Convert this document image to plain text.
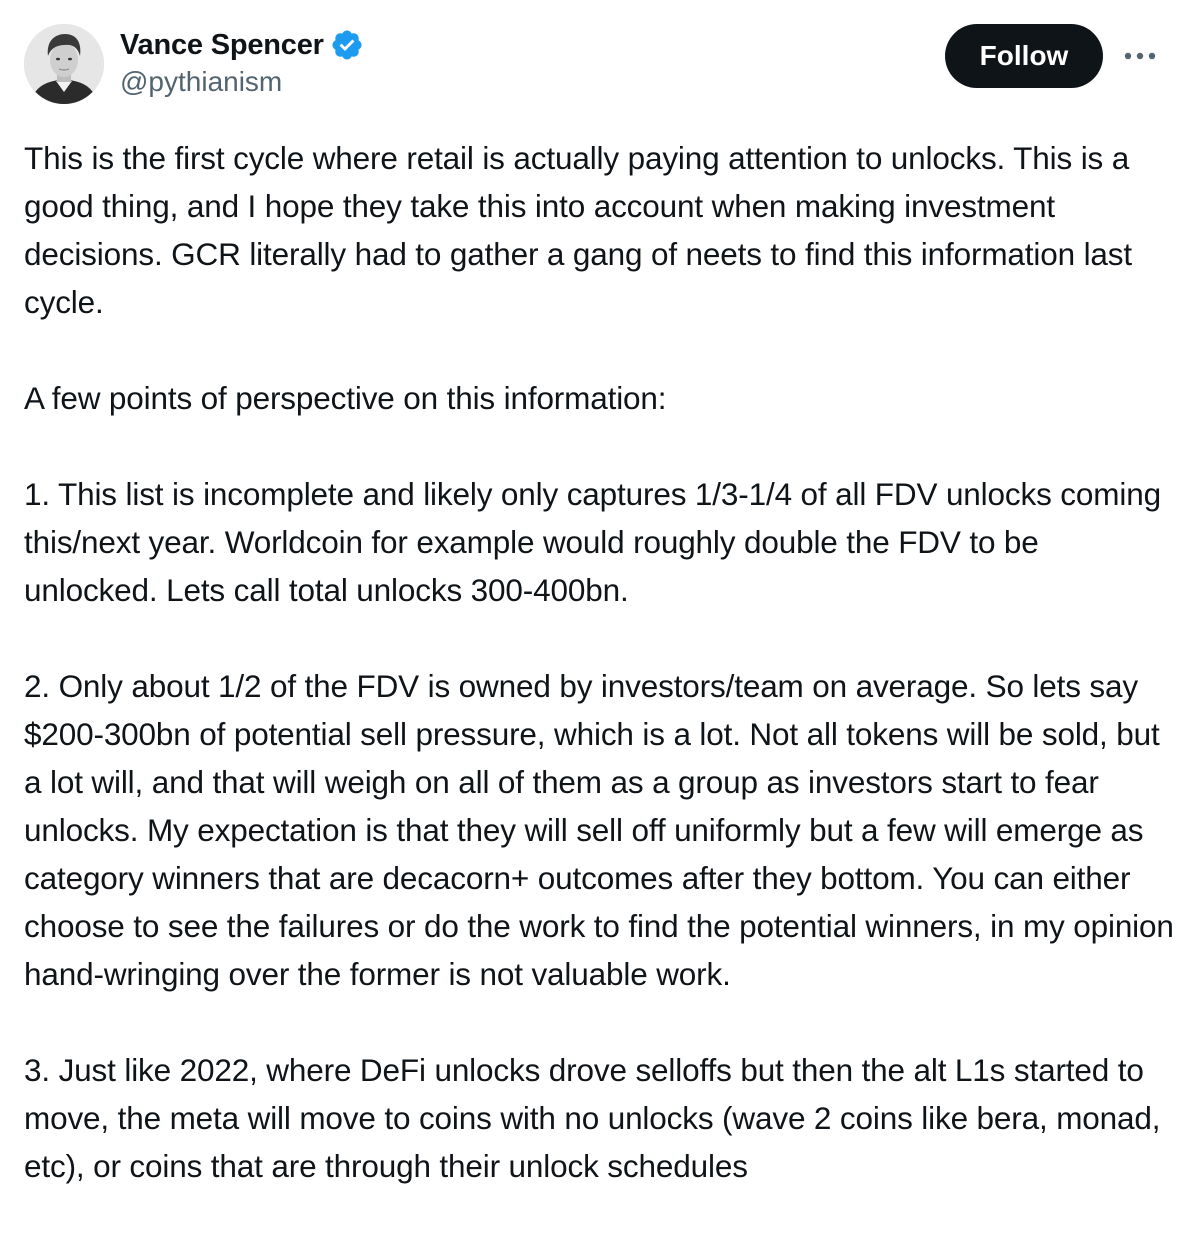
Vance Spencer
@pythianism
Follow

This is the first cycle where retail is actually paying attention to unlocks. This is a good thing, and I hope they take this into account when making investment decisions. GCR literally had to gather a gang of neets to find this information last cycle.

A few points of perspective on this information:

1. This list is incomplete and likely only captures 1/3-1/4 of all FDV unlocks coming this/next year. Worldcoin for example would roughly double the FDV to be unlocked. Lets call total unlocks 300-400bn.

2. Only about 1/2 of the FDV is owned by investors/team on average. So lets say $200-300bn of potential sell pressure, which is a lot. Not all tokens will be sold, but a lot will, and that will weigh on all of them as a group as investors start to fear unlocks. My expectation is that they will sell off uniformly but a few will emerge as category winners that are decacorn+ outcomes after they bottom. You can either choose to see the failures or do the work to find the potential winners, in my opinion hand-wringing over the former is not valuable work.

3. Just like 2022, where DeFi unlocks drove selloffs but then the alt L1s started to move, the meta will move to coins with no unlocks (wave 2 coins like bera, monad, etc), or coins that are through their unlock schedules
